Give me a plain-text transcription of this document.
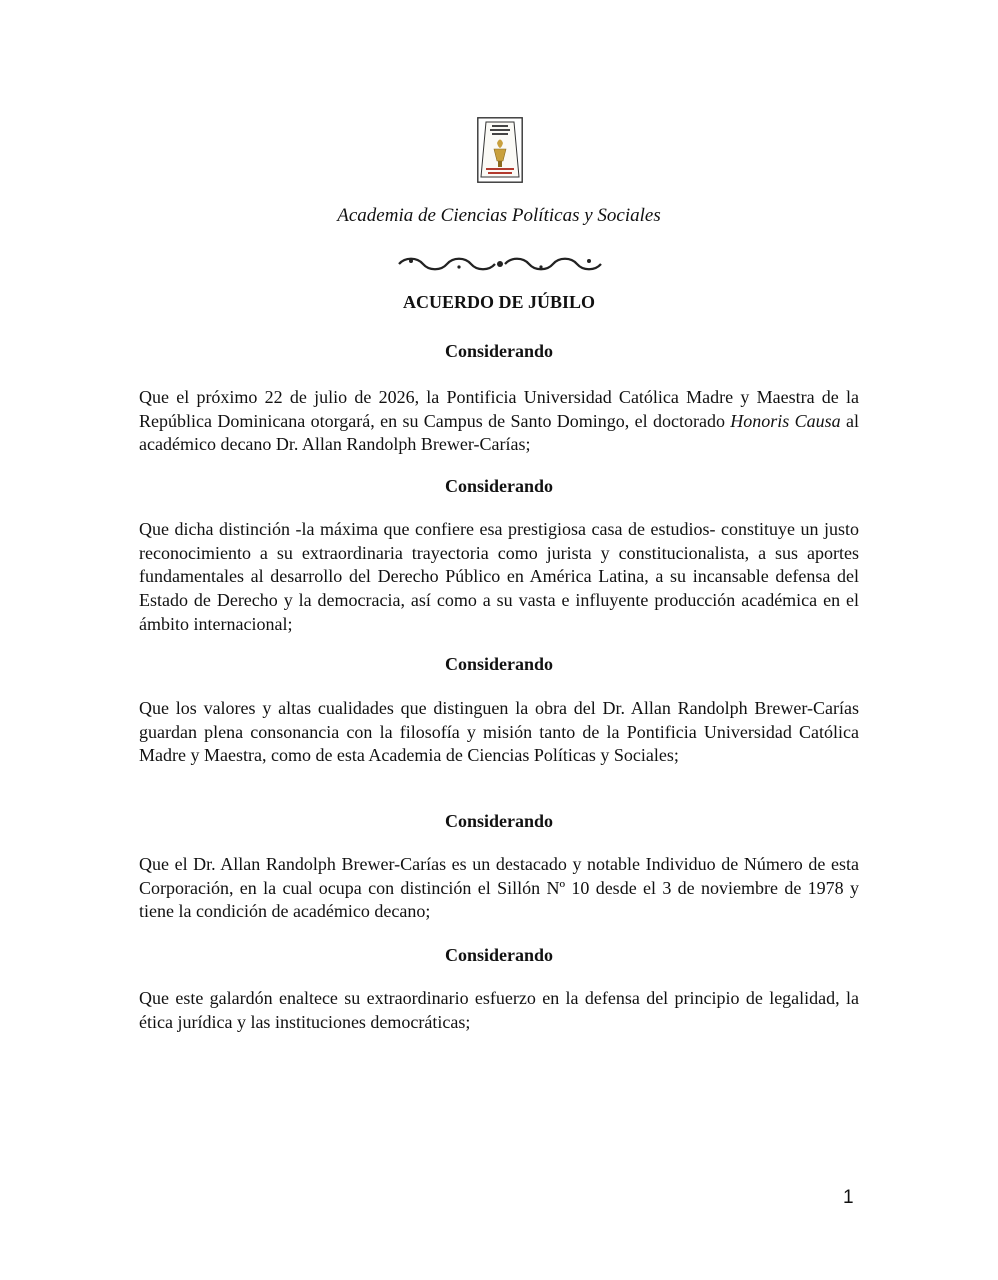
Academia de Ciencias Políticas y Sociales
ACUERDO DE JÚBILO
Considerando
Que el próximo 22 de julio de 2026, la Pontificia Universidad Católica Madre y Maestra de la República Dominicana otorgará, en su Campus de Santo Domingo, el doctorado Honoris Causa al académico decano Dr. Allan Randolph Brewer-Carías;
Considerando
Que dicha distinción -la máxima que confiere esa prestigiosa casa de estudios- constituye un justo reconocimiento a su extraordinaria trayectoria como jurista y constitucionalista, a sus aportes fundamentales al desarrollo del Derecho Público en América Latina, a su incansable defensa del Estado de Derecho y la democracia, así como a su vasta e influyente producción académica en el ámbito internacional;
Considerando
Que los valores y altas cualidades que distinguen la obra del Dr. Allan Randolph Brewer-Carías guardan plena consonancia con la filosofía y misión tanto de la Pontificia Universidad Católica Madre y Maestra, como de esta Academia de Ciencias Políticas y Sociales;
Considerando
Que el Dr. Allan Randolph Brewer-Carías es un destacado y notable Individuo de Número de esta Corporación, en la cual ocupa con distinción el Sillón Nº 10 desde el 3 de noviembre de 1978 y tiene la condición de académico decano;
Considerando
Que este galardón enaltece su extraordinario esfuerzo en la defensa del principio de legalidad, la ética jurídica y las instituciones democráticas;
1
